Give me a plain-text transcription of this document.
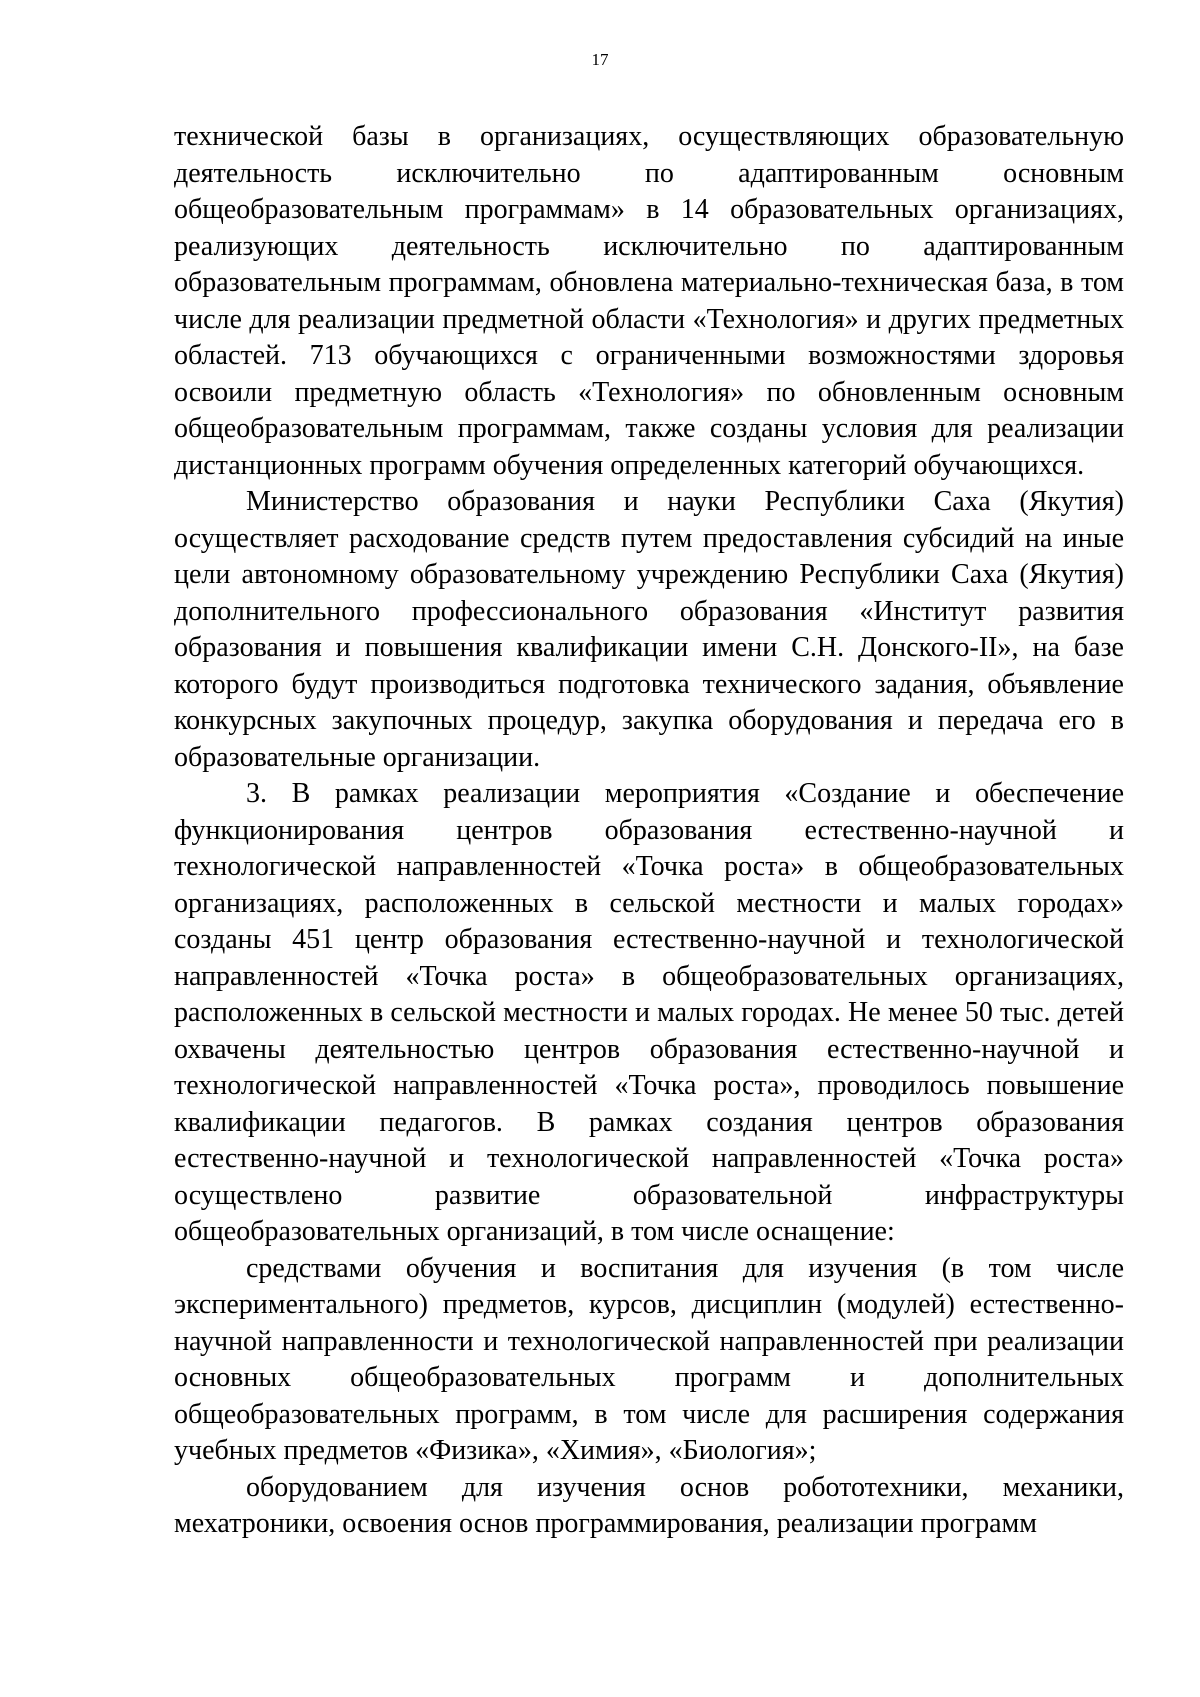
17

технической базы в организациях, осуществляющих образовательную деятельность исключительно по адаптированным основным общеобразовательным программам» в 14 образовательных организациях, реализующих деятельность исключительно по адаптированным образовательным программам, обновлена материально-техническая база, в том числе для реализации предметной области «Технология» и других предметных областей. 713 обучающихся с ограниченными возможностями здоровья освоили предметную область «Технология» по обновленным основным общеобразовательным программам, также созданы условия для реализации дистанционных программ обучения определенных категорий обучающихся.

Министерство образования и науки Республики Саха (Якутия) осуществляет расходование средств путем предоставления субсидий на иные цели автономному образовательному учреждению Республики Саха (Якутия) дополнительного профессионального образования «Институт развития образования и повышения квалификации имени С.Н. Донского-II», на базе которого будут производиться подготовка технического задания, объявление конкурсных закупочных процедур, закупка оборудования и передача его в образовательные организации.

3. В рамках реализации мероприятия «Создание и обеспечение функционирования центров образования естественно-научной и технологической направленностей «Точка роста» в общеобразовательных организациях, расположенных в сельской местности и малых городах» созданы 451 центр образования естественно-научной и технологической направленностей «Точка роста» в общеобразовательных организациях, расположенных в сельской местности и малых городах. Не менее 50 тыс. детей охвачены деятельностью центров образования естественно-научной и технологической направленностей «Точка роста», проводилось повышение квалификации педагогов. В рамках создания центров образования естественно-научной и технологической направленностей «Точка роста» осуществлено развитие образовательной инфраструктуры общеобразовательных организаций, в том числе оснащение:

средствами обучения и воспитания для изучения (в том числе экспериментального) предметов, курсов, дисциплин (модулей) естественно-научной направленности и технологической направленностей при реализации основных общеобразовательных программ и дополнительных общеобразовательных программ, в том числе для расширения содержания учебных предметов «Физика», «Химия», «Биология»;

оборудованием для изучения основ робототехники, механики, мехатроники, освоения основ программирования, реализации программ
